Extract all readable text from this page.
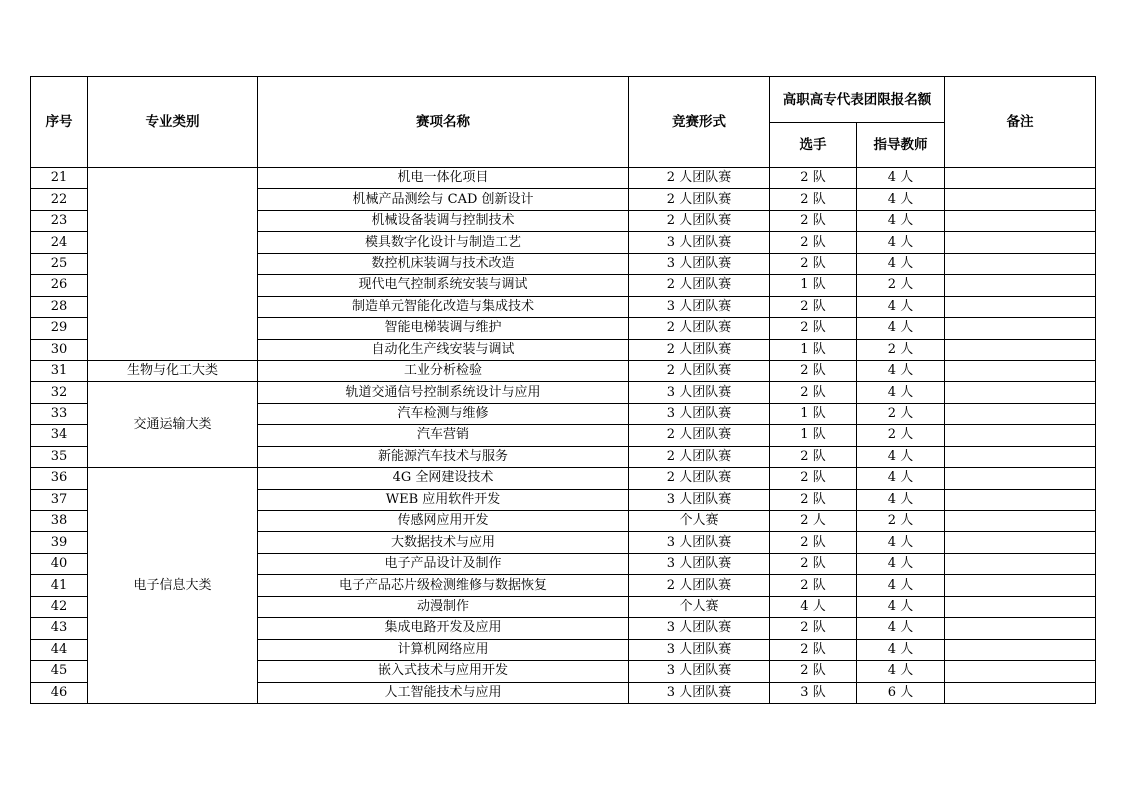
序号	专业类别	赛项名称	竞赛形式	高职高专代表团限报名额		备注
				选手	指导教师	
21		机电一体化项目	2 人团队赛	2 队	4 人	
22		机械产品测绘与 CAD 创新设计	2 人团队赛	2 队	4 人	
23		机械设备装调与控制技术	2 人团队赛	2 队	4 人	
24		模具数字化设计与制造工艺	3 人团队赛	2 队	4 人	
25		数控机床装调与技术改造	3 人团队赛	2 队	4 人	
26		现代电气控制系统安装与调试	2 人团队赛	1 队	2 人	
28		制造单元智能化改造与集成技术	3 人团队赛	2 队	4 人	
29		智能电梯装调与维护	2 人团队赛	2 队	4 人	
30		自动化生产线安装与调试	2 人团队赛	1 队	2 人	
31	生物与化工大类	工业分析检验	2 人团队赛	2 队	4 人	
32	交通运输大类	轨道交通信号控制系统设计与应用	3 人团队赛	2 队	4 人	
33		汽车检测与维修	3 人团队赛	1 队	2 人	
34		汽车营销	2 人团队赛	1 队	2 人	
35		新能源汽车技术与服务	2 人团队赛	2 队	4 人	
36	电子信息大类	4G 全网建设技术	2 人团队赛	2 队	4 人	
37		WEB 应用软件开发	3 人团队赛	2 队	4 人	
38		传感网应用开发	个人赛	2 人	2 人	
39		大数据技术与应用	3 人团队赛	2 队	4 人	
40		电子产品设计及制作	3 人团队赛	2 队	4 人	
41		电子产品芯片级检测维修与数据恢复	2 人团队赛	2 队	4 人	
42		动漫制作	个人赛	4 人	4 人	
43		集成电路开发及应用	3 人团队赛	2 队	4 人	
44		计算机网络应用	3 人团队赛	2 队	4 人	
45		嵌入式技术与应用开发	3 人团队赛	2 队	4 人	
46		人工智能技术与应用	3 人团队赛	3 队	6 人	
